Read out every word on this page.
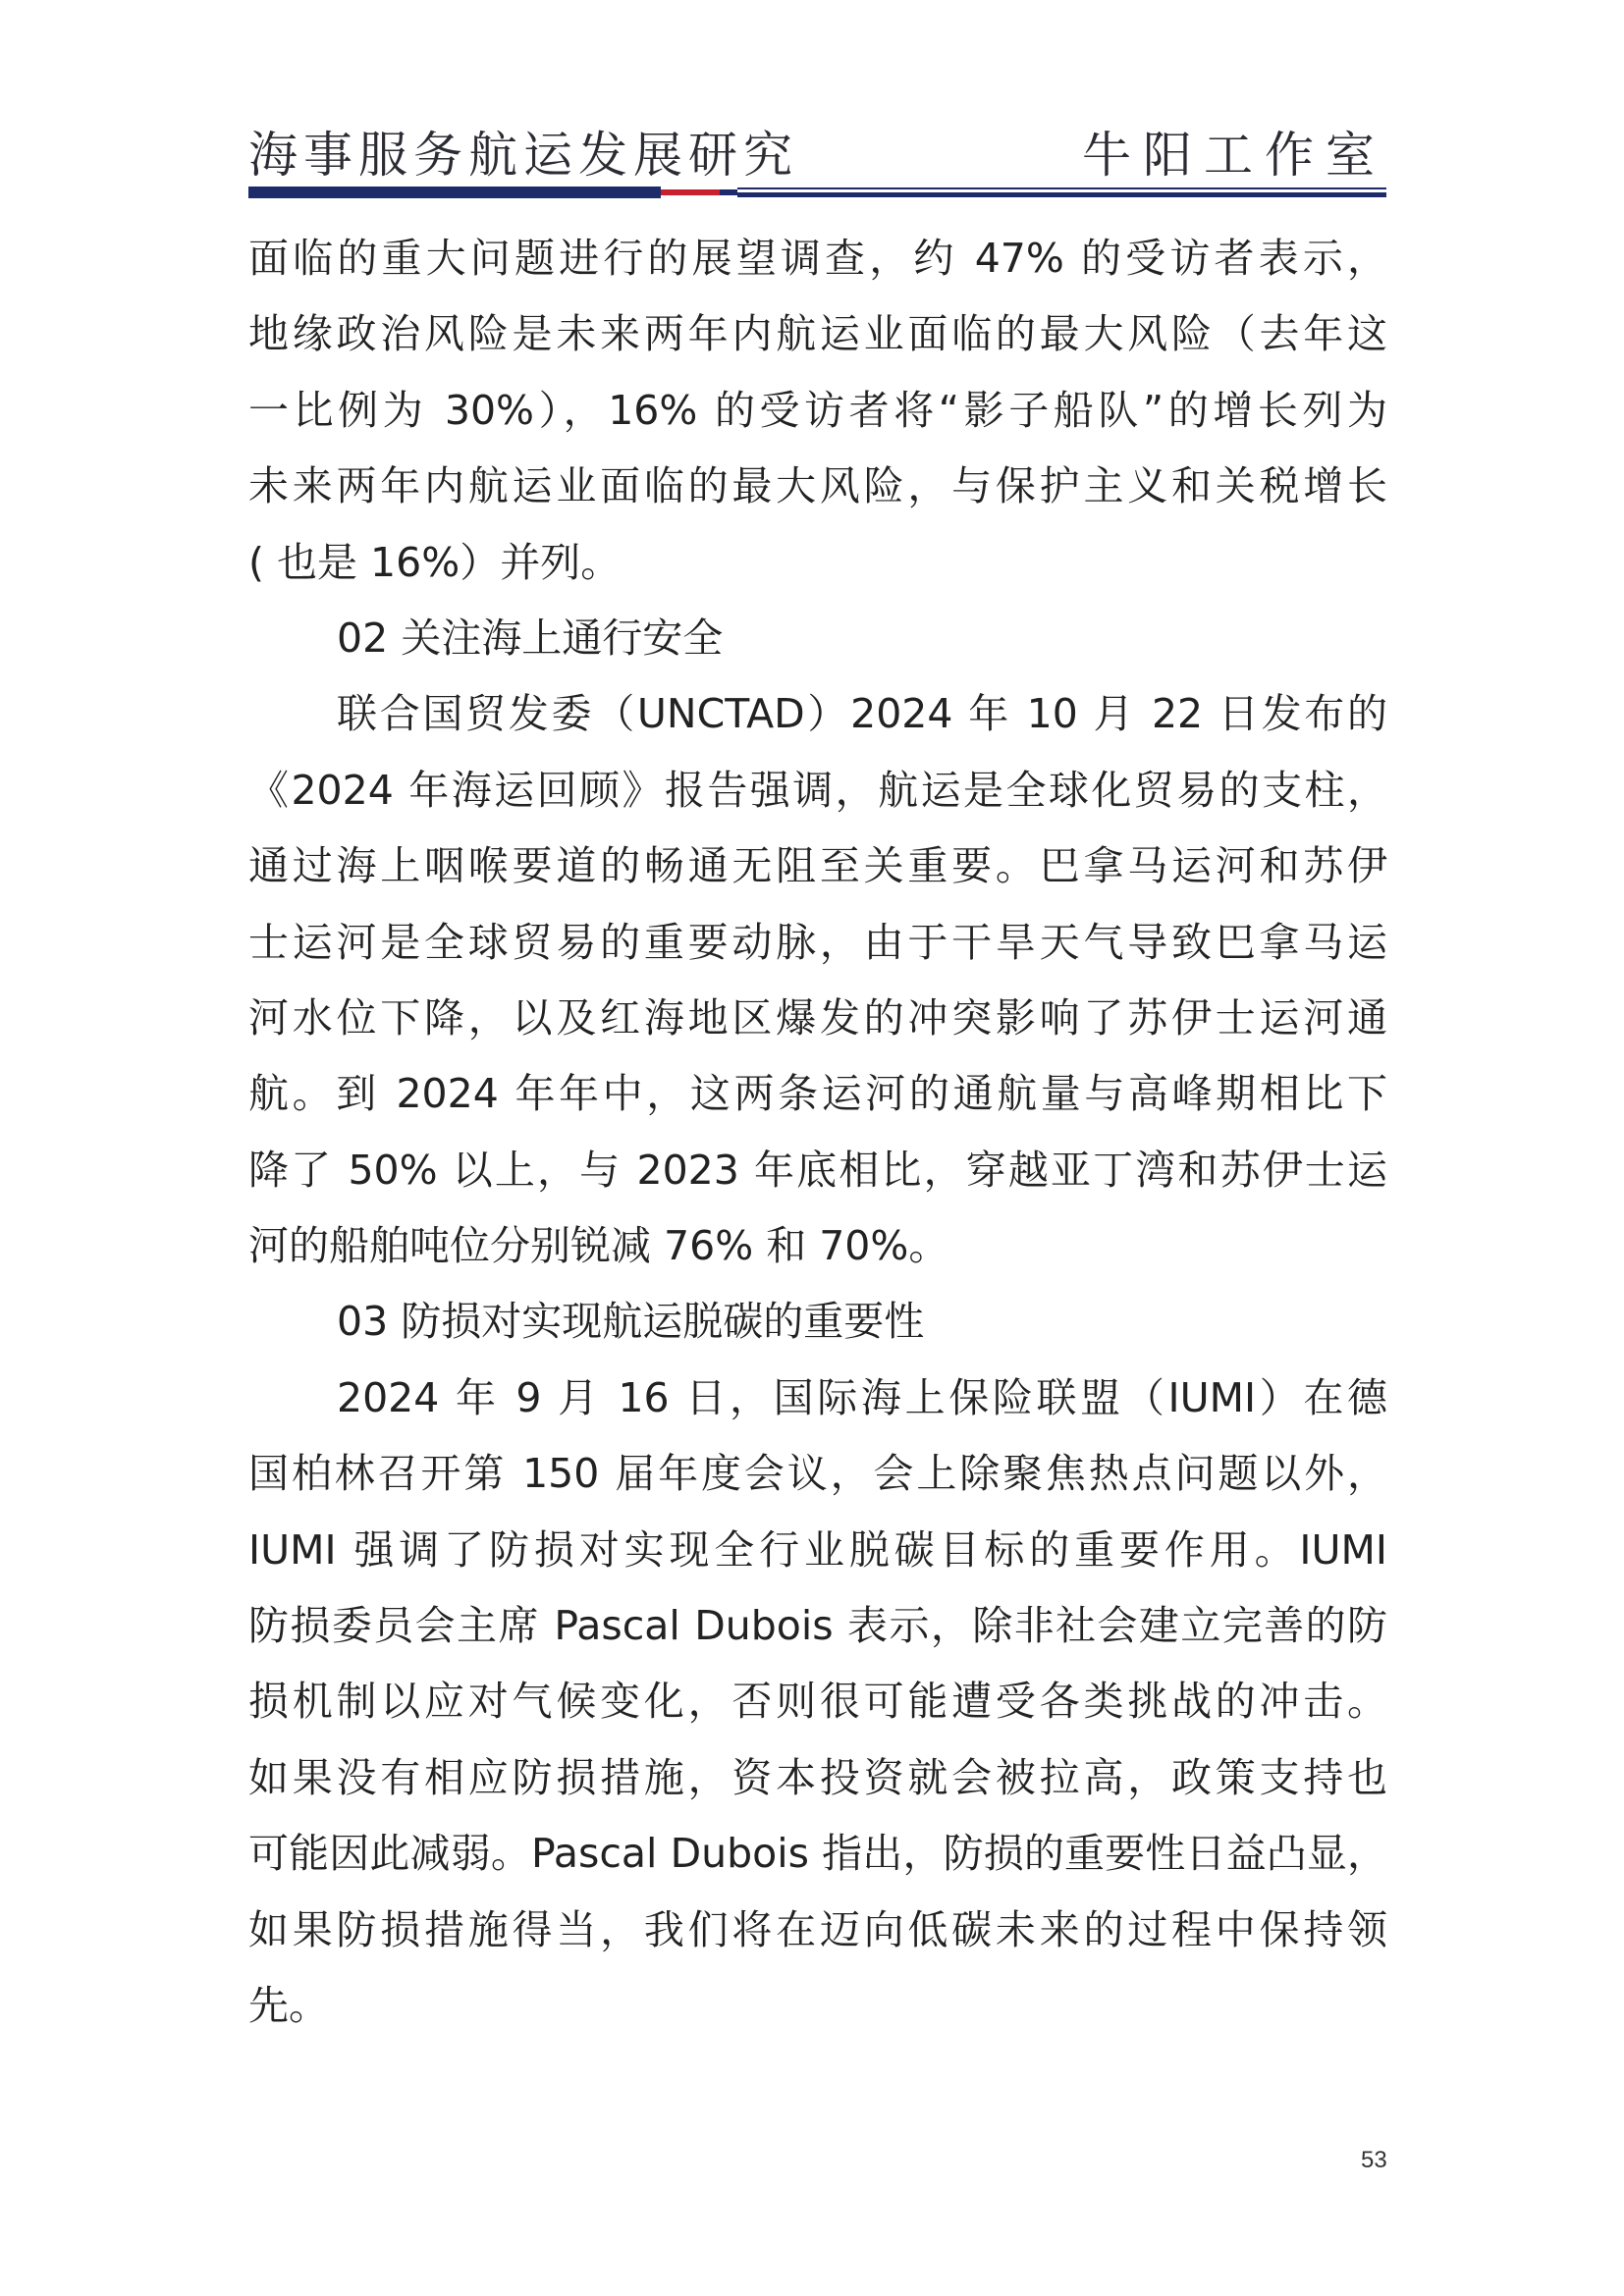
海事服务航运发展研究	牛阳工作室
面临的重大问题进行的展望调查，约 47% 的受访者表示，
地缘政治风险是未来两年内航运业面临的最大风险（去年这
一比例为 30%），16% 的受访者将“影子船队”的增长列为
未来两年内航运业面临的最大风险，与保护主义和关税增长
( 也是 16%）并列。
02 关注海上通行安全
联合国贸发委（UNCTAD）2024 年 10 月 22 日发布的
《2024 年海运回顾》报告强调，航运是全球化贸易的支柱，
通过海上咽喉要道的畅通无阻至关重要。巴拿马运河和苏伊
士运河是全球贸易的重要动脉，由于干旱天气导致巴拿马运
河水位下降，以及红海地区爆发的冲突影响了苏伊士运河通
航。到 2024 年年中，这两条运河的通航量与高峰期相比下
降了 50% 以上，与 2023 年底相比，穿越亚丁湾和苏伊士运
河的船舶吨位分别锐减 76% 和 70%。
03 防损对实现航运脱碳的重要性
2024 年 9 月 16 日，国际海上保险联盟（IUMI）在德
国柏林召开第 150 届年度会议，会上除聚焦热点问题以外，
IUMI 强调了防损对实现全行业脱碳目标的重要作用。IUMI
防损委员会主席 Pascal Dubois 表示，除非社会建立完善的防
损机制以应对气候变化，否则很可能遭受各类挑战的冲击。
如果没有相应防损措施，资本投资就会被拉高，政策支持也
可能因此减弱。Pascal Dubois 指出，防损的重要性日益凸显，
如果防损措施得当，我们将在迈向低碳未来的过程中保持领
先。
53
